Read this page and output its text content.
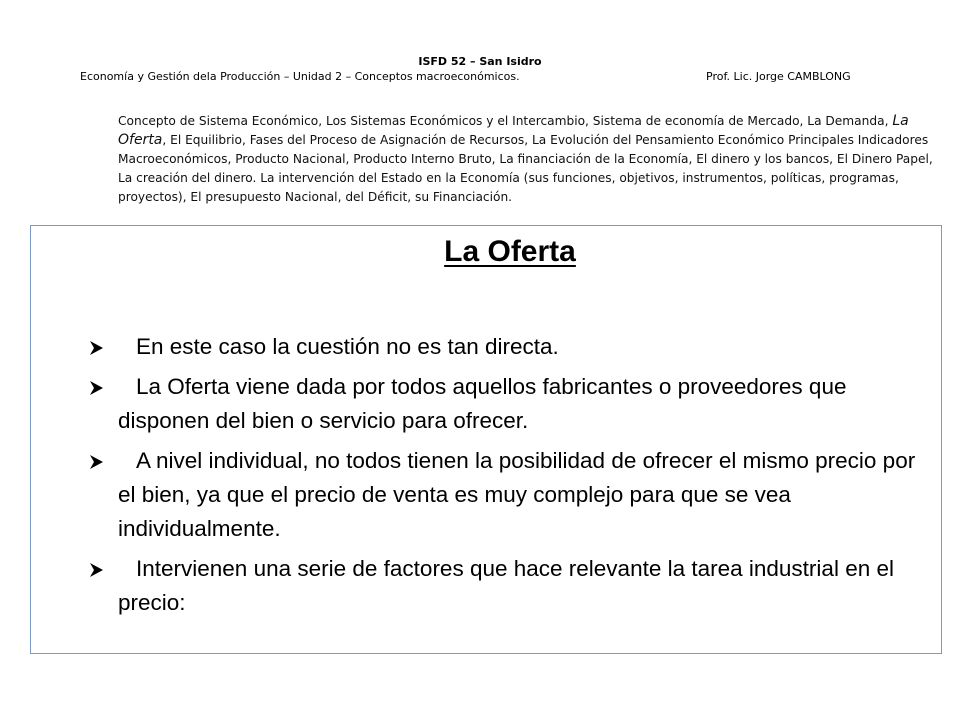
ISFD 52 – San Isidro
Economía y Gestión dela Producción – Unidad 2 – Conceptos macroeconómicos.	Prof. Lic. Jorge CAMBLONG
Concepto de Sistema Económico, Los Sistemas Económicos y el Intercambio, Sistema de economía de Mercado, La Demanda, La Oferta, El Equilibrio, Fases del Proceso de Asignación de Recursos, La Evolución del Pensamiento Económico Principales Indicadores Macroeconómicos, Producto Nacional, Producto Interno Bruto, La financiación de la Economía, El dinero y los bancos, El Dinero Papel, La creación del dinero. La intervención del Estado en la Economía (sus funciones, objetivos, instrumentos, políticas, programas, proyectos), El presupuesto Nacional, del Déficit, su Financiación.
La Oferta
En este caso la cuestión no es tan directa.
La Oferta viene dada por todos aquellos fabricantes o proveedores que disponen del bien o servicio para ofrecer.
A nivel individual, no todos tienen la posibilidad de ofrecer el mismo precio por el bien, ya que el precio de venta es muy complejo para que se vea individualmente.
Intervienen una serie de factores que hace relevante la tarea industrial en el precio:
